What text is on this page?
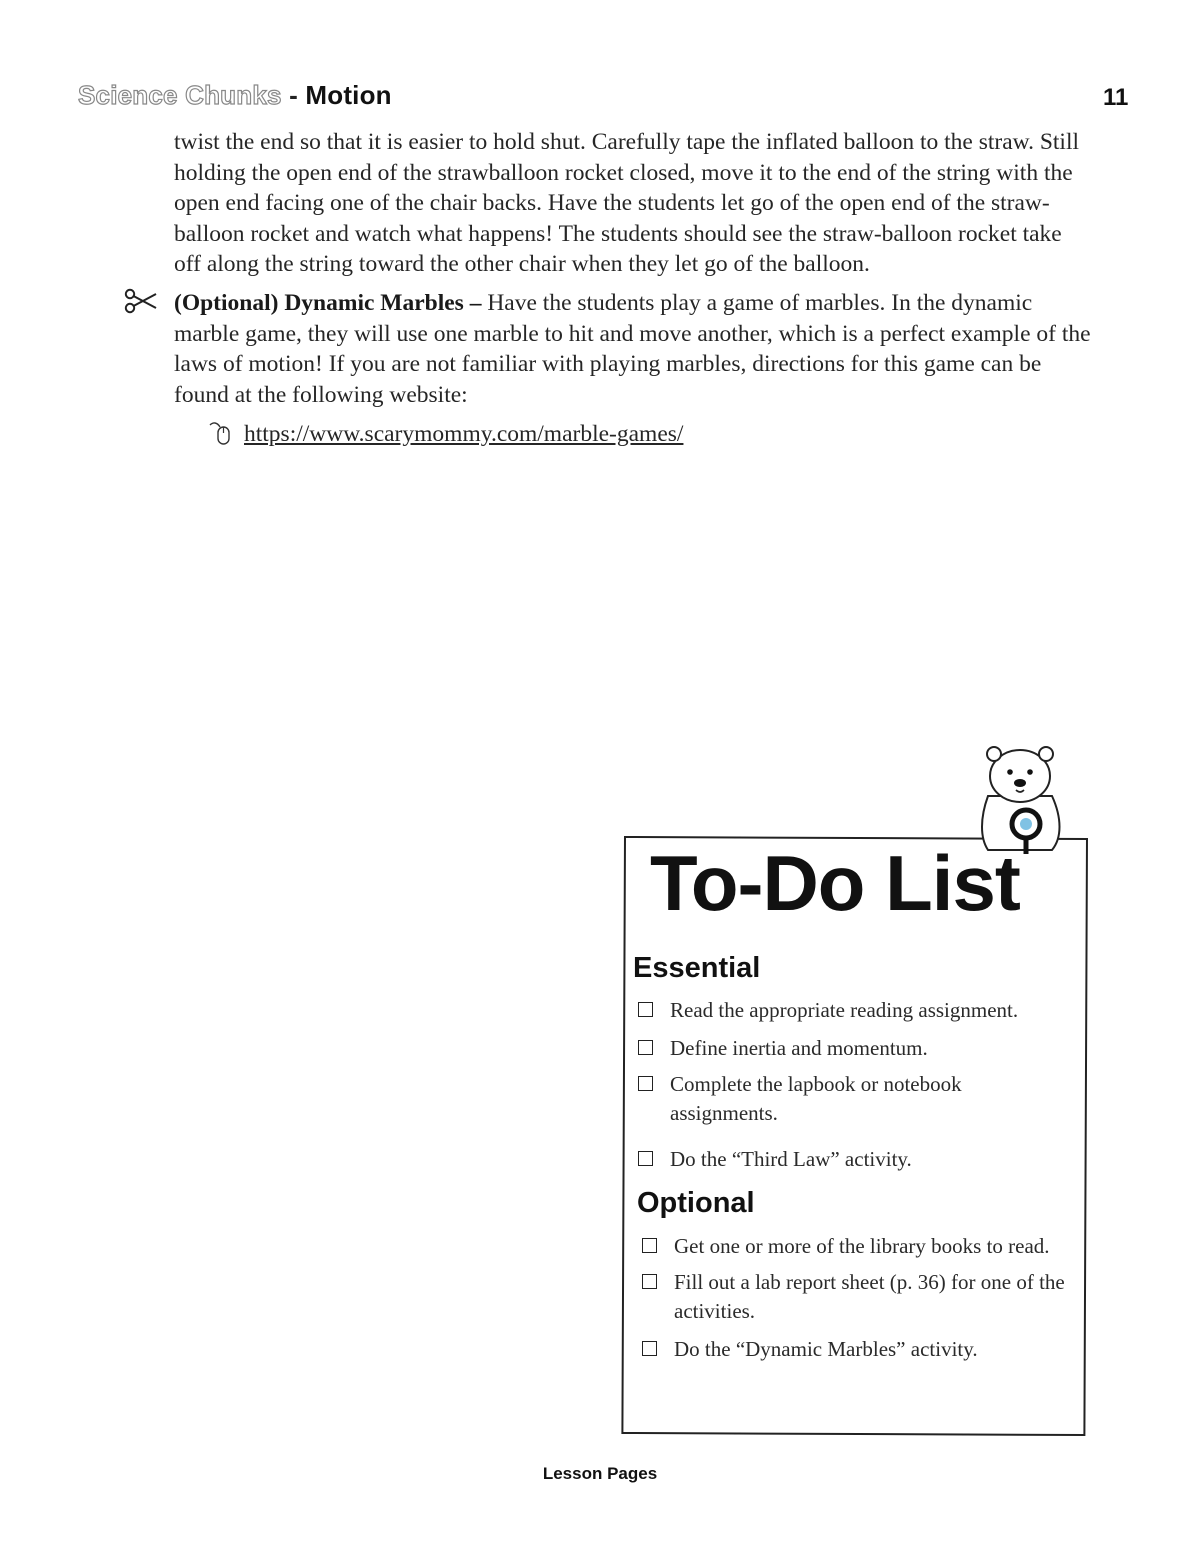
Science Chunks - Motion	11
twist the end so that it is easier to hold shut. Carefully tape the inflated balloon to the straw. Still holding the open end of the strawballoon rocket closed, move it to the end of the string with the open end facing one of the chair backs. Have the students let go of the open end of the straw-balloon rocket and watch what happens! The students should see the straw-balloon rocket take off along the string toward the other chair when they let go of the balloon.
(Optional) Dynamic Marbles – Have the students play a game of marbles. In the dynamic marble game, they will use one marble to hit and move another, which is a perfect example of the laws of motion! If you are not familiar with playing marbles, directions for this game can be found at the following website:
https://www.scarymommy.com/marble-games/
To-Do List
Essential
Read the appropriate reading assignment.
Define inertia and momentum.
Complete the lapbook or notebook assignments.
Do the “Third Law” activity.
Optional
Get one or more of the library books to read.
Fill out a lab report sheet (p. 36) for one of the activities.
Do the “Dynamic Marbles” activity.
Lesson Pages
